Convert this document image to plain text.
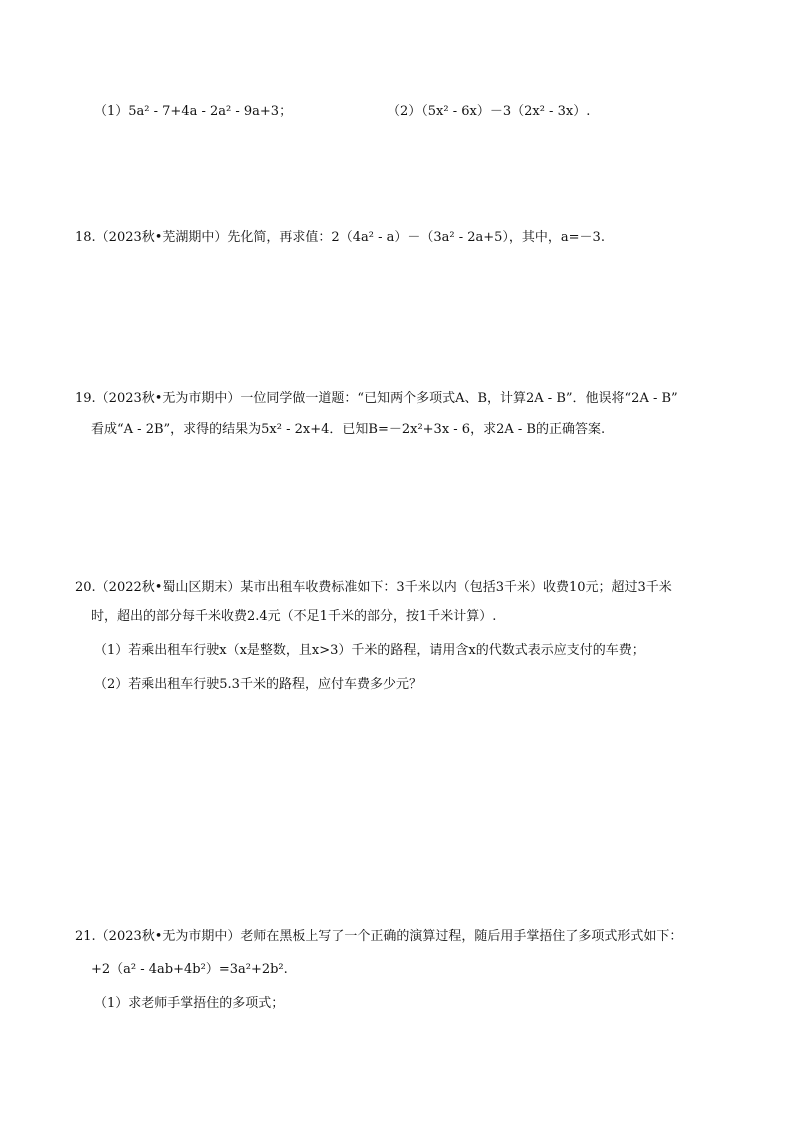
（1）5a² - 7+4a - 2a² - 9a+3；	（2）（5x² - 6x）－3（2x² - 3x）.
18.（2023秋•芜湖期中）先化简，再求值：2（4a² - a）－（3a² - 2a+5），其中，a=－3.
19.（2023秋•无为市期中）一位同学做一道题：“已知两个多项式A、B，计算2A - B”．他误将“2A - B”
看成“A - 2B”，求得的结果为5x² - 2x+4．已知B=－2x²+3x - 6，求2A - B的正确答案.
20.（2022秋•蜀山区期末）某市出租车收费标准如下：3千米以内（包括3千米）收费10元；超过3千米
时，超出的部分每千米收费2.4元（不足1千米的部分，按1千米计算）.
（1）若乘出租车行驶x（x是整数，且x>3）千米的路程，请用含x的代数式表示应支付的车费；
（2）若乘出租车行驶5.3千米的路程，应付车费多少元？
21.（2023秋•无为市期中）老师在黑板上写了一个正确的演算过程，随后用手掌捂住了多项式形式如下：
+2（a² - 4ab+4b²）=3a²+2b².
（1）求老师手掌捂住的多项式；
